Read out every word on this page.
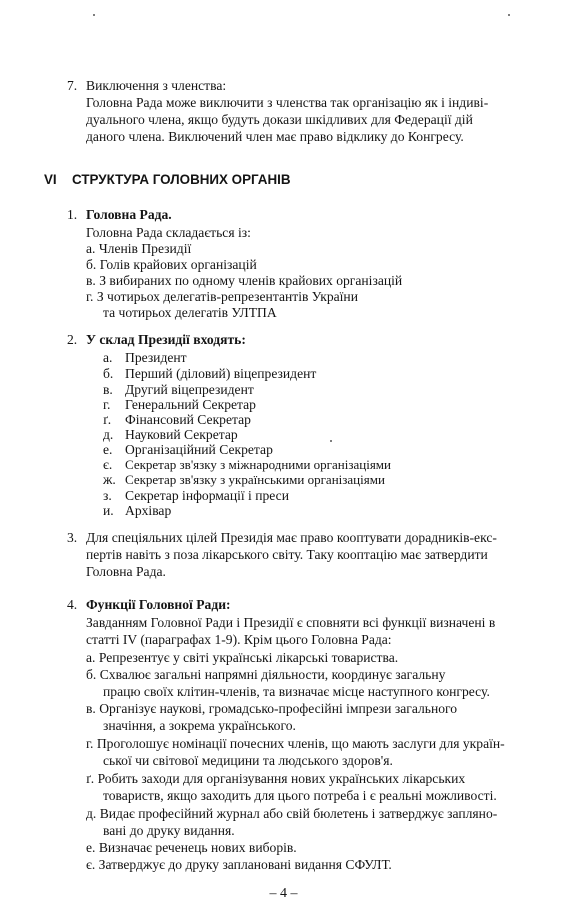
7. Виключення з членства:
Головна Рада може виключити з членства так організацію як і індиві-
дуального члена, якщо будуть докази шкідливих для Федерації дій
даного члена. Виключений член має право відклику до Конгресу.
VI СТРУКТУРА ГОЛОВНИХ ОРГАНІВ
1. Головна Рада.
Головна Рада складається із:
а. Членів Президії
б. Голів крайових організацій
в. З вибираних по одному членів крайових організацій
г. З чотирьох делегатів-репрезентантів України
та чотирьох делегатів УЛТПА
2. У склад Президії входять:
а. Президент
б. Перший (діловий) віцепрезидент
в. Другий віцепрезидент
г. Генеральний Секретар
ґ. Фінансовий Секретар
д. Науковий Секретар
е. Організаційний Секретар
є. Секретар зв'язку з міжнародними організаціями
ж. Секретар зв'язку з українськими організаціями
з. Секретар інформації і преси
и. Архівар
3. Для спеціяльних цілей Президія має право кооптувати дорадників-екс-
пертів навіть з поза лікарського світу. Таку кооптацію має затвердити
Головна Рада.
4. Функції Головної Ради:
Завданням Головної Ради і Президії є сповняти всі функції визначені в
статті IV (параграфах 1-9). Крім цього Головна Рада:
а. Репрезентує у світі українські лікарські товариства.
б. Схвалює загальні напрямні діяльности, координує загальну
працю своїх клітин-членів, та визначає місце наступного конгресу.
в. Організує наукові, громадсько-професійні імпрези загального
значіння, а зокрема українського.
г. Проголошує номінації почесних членів, що мають заслуги для україн-
ської чи світової медицини та людського здоров'я.
ґ. Робить заходи для організування нових українських лікарських
товариств, якщо заходить для цього потреба і є реальні можливості.
д. Видає професійний журнал або свій бюлетень і затверджує запляно-
вані до друку видання.
е. Визначає реченець нових виборів.
є. Затверджує до друку заплановані видання СФУЛТ.
– 4 –
